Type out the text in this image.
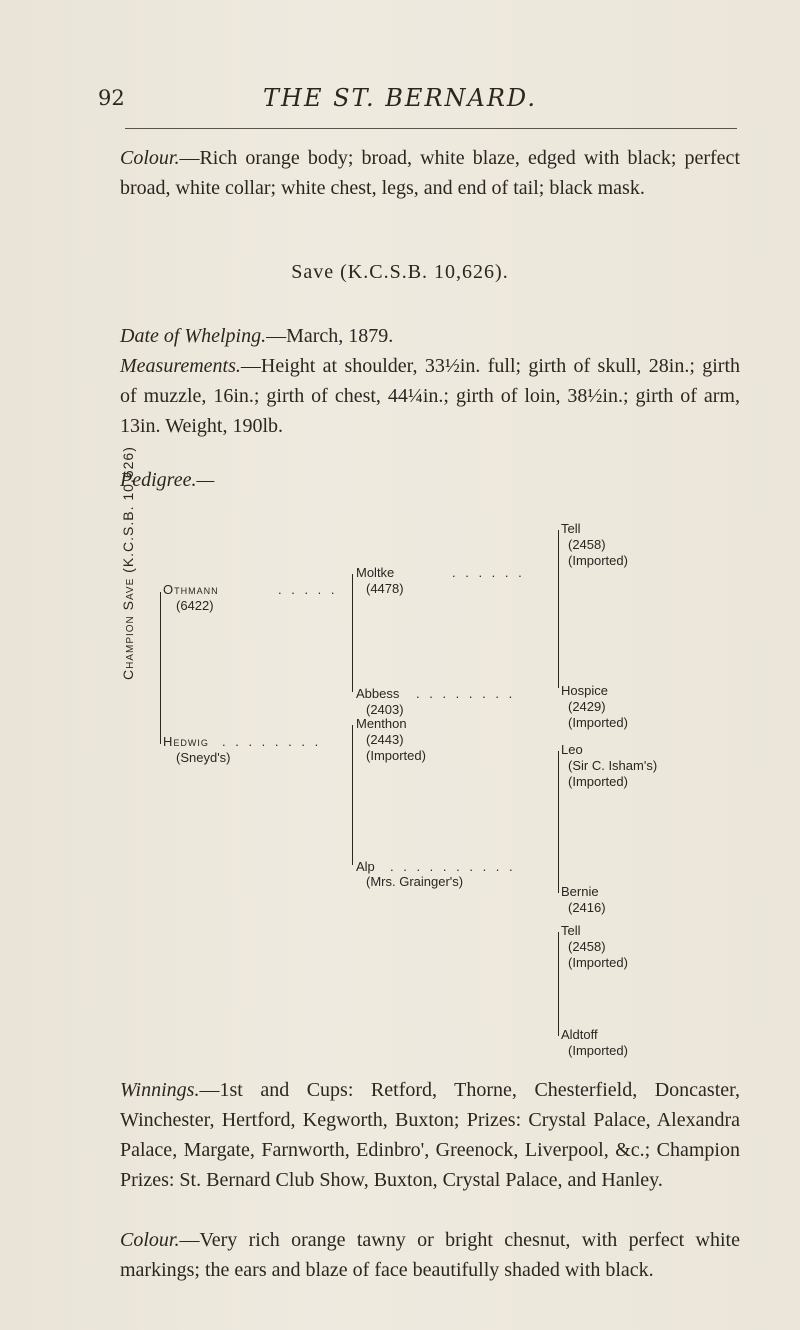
92	THE ST. BERNARD.
Colour.—Rich orange body; broad, white blaze, edged with black; perfect broad, white collar; white chest, legs, and end of tail; black mask.
Save (K.C.S.B. 10,626).
Date of Whelping.—March, 1879.
Measurements.—Height at shoulder, 33½in. full; girth of skull, 28in.; girth of muzzle, 16in.; girth of chest, 44¼in.; girth of loin, 38½in.; girth of arm, 13in. Weight, 190lb.
Pedigree.—
Champion Save (K.C.S.B. 10,626) Othmann	. . . . .
(6422)
Hedwig . . . . . . . .
(Sneyd's)
Moltke	. . . . . .
(4478)
Abbess . . . . . . . .
(2403)
Menthon
(2443)
(Imported)
Alp . . . . . . . . . .
(Mrs. Grainger's)
Tell
(2458)
(Imported)
Hospice
(2429)
(Imported)
Leo
(Sir C. Isham's)
(Imported)
Bernie
(2416)
Tell
(2458)
(Imported)
Aldtoff
(Imported)
Winnings.—1st and Cups: Retford, Thorne, Chesterfield, Doncaster, Winchester, Hertford, Kegworth, Buxton; Prizes: Crystal Palace, Alexandra Palace, Margate, Farnworth, Edinbro', Greenock, Liverpool, &c.; Champion Prizes: St. Bernard Club Show, Buxton, Crystal Palace, and Hanley.
Colour.—Very rich orange tawny or bright chesnut, with perfect white markings; the ears and blaze of face beautifully shaded with black.
